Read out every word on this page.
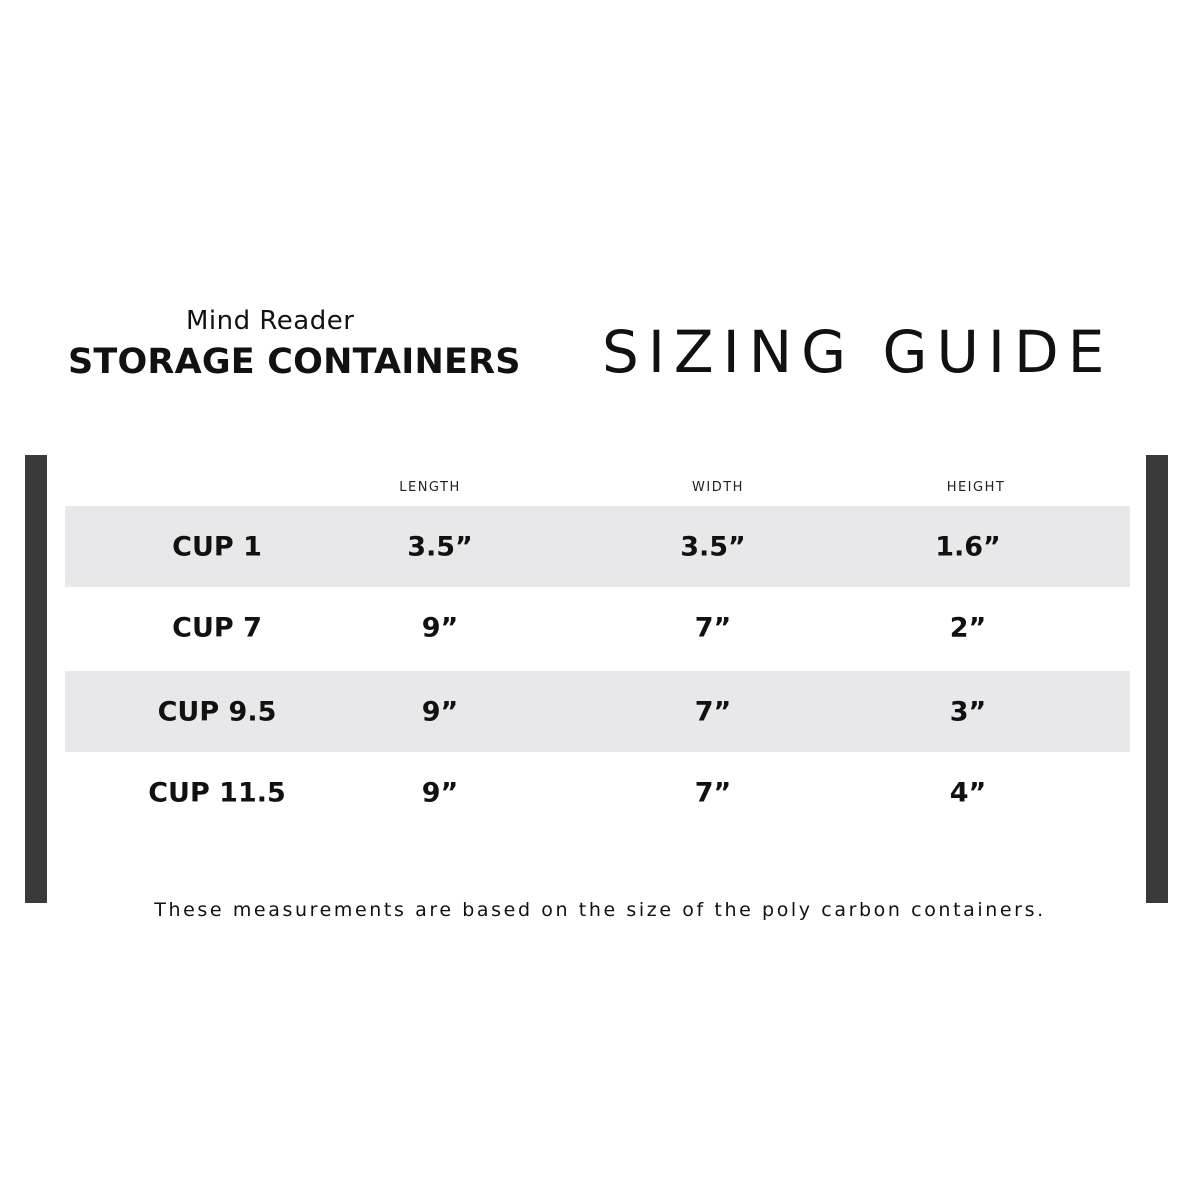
Mind Reader
STORAGE CONTAINERS SIZING GUIDE
LENGTH	WIDTH	HEIGHT
CUP 1	3.5”	3.5”	1.6”
CUP 7	9”	7”	2”
CUP 9.5	9”	7”	3”
CUP 11.5	9”	7”	4”
These measurements are based on the size of the poly carbon containers.
